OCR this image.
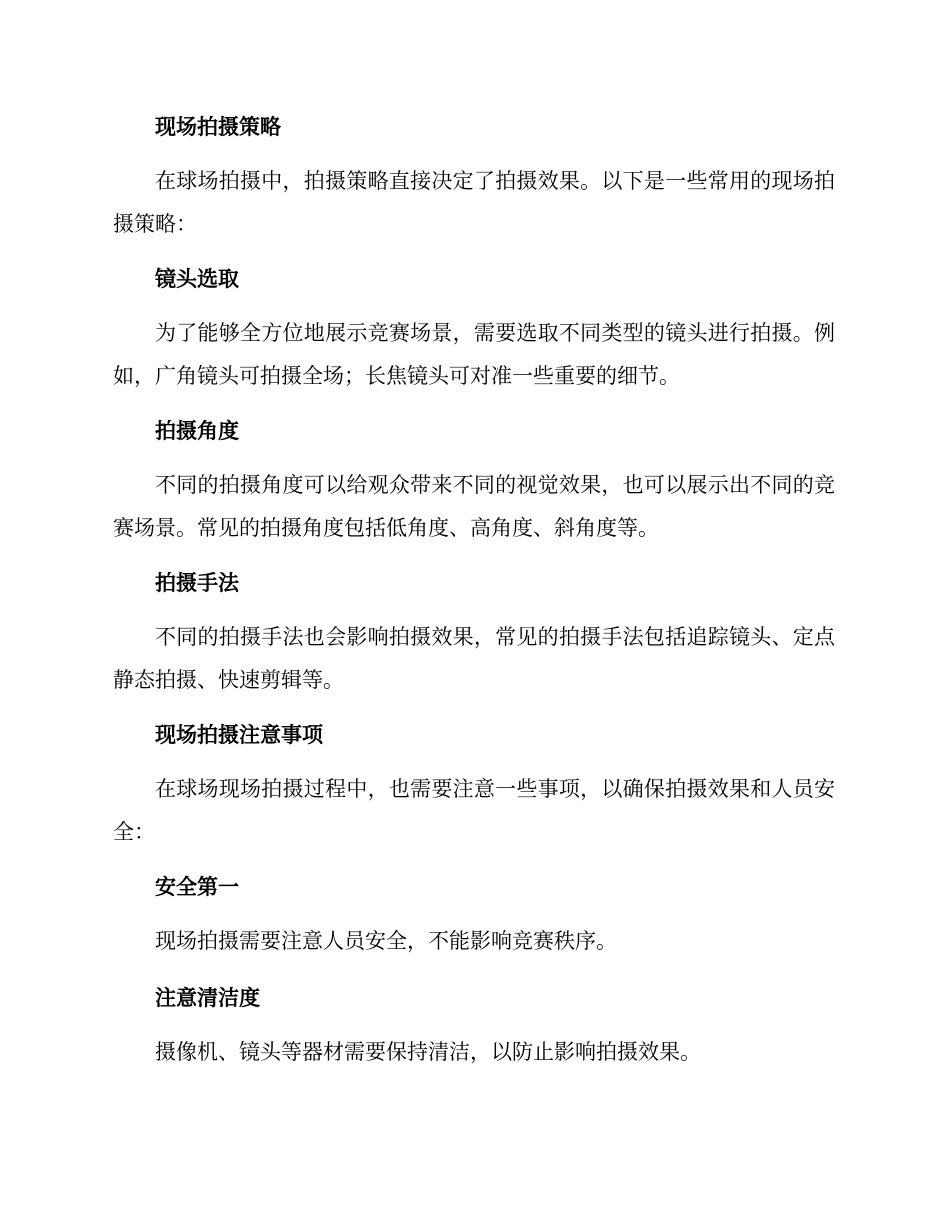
现场拍摄策略

在球场拍摄中，拍摄策略直接决定了拍摄效果。以下是一些常用的现场拍摄策略：

镜头选取

为了能够全方位地展示竞赛场景，需要选取不同类型的镜头进行拍摄。例如，广角镜头可拍摄全场；长焦镜头可对准一些重要的细节。

拍摄角度

不同的拍摄角度可以给观众带来不同的视觉效果，也可以展示出不同的竞赛场景。常见的拍摄角度包括低角度、高角度、斜角度等。

拍摄手法

不同的拍摄手法也会影响拍摄效果，常见的拍摄手法包括追踪镜头、定点静态拍摄、快速剪辑等。

现场拍摄注意事项

在球场现场拍摄过程中，也需要注意一些事项，以确保拍摄效果和人员安全：

安全第一

现场拍摄需要注意人员安全，不能影响竞赛秩序。

注意清洁度

摄像机、镜头等器材需要保持清洁，以防止影响拍摄效果。
